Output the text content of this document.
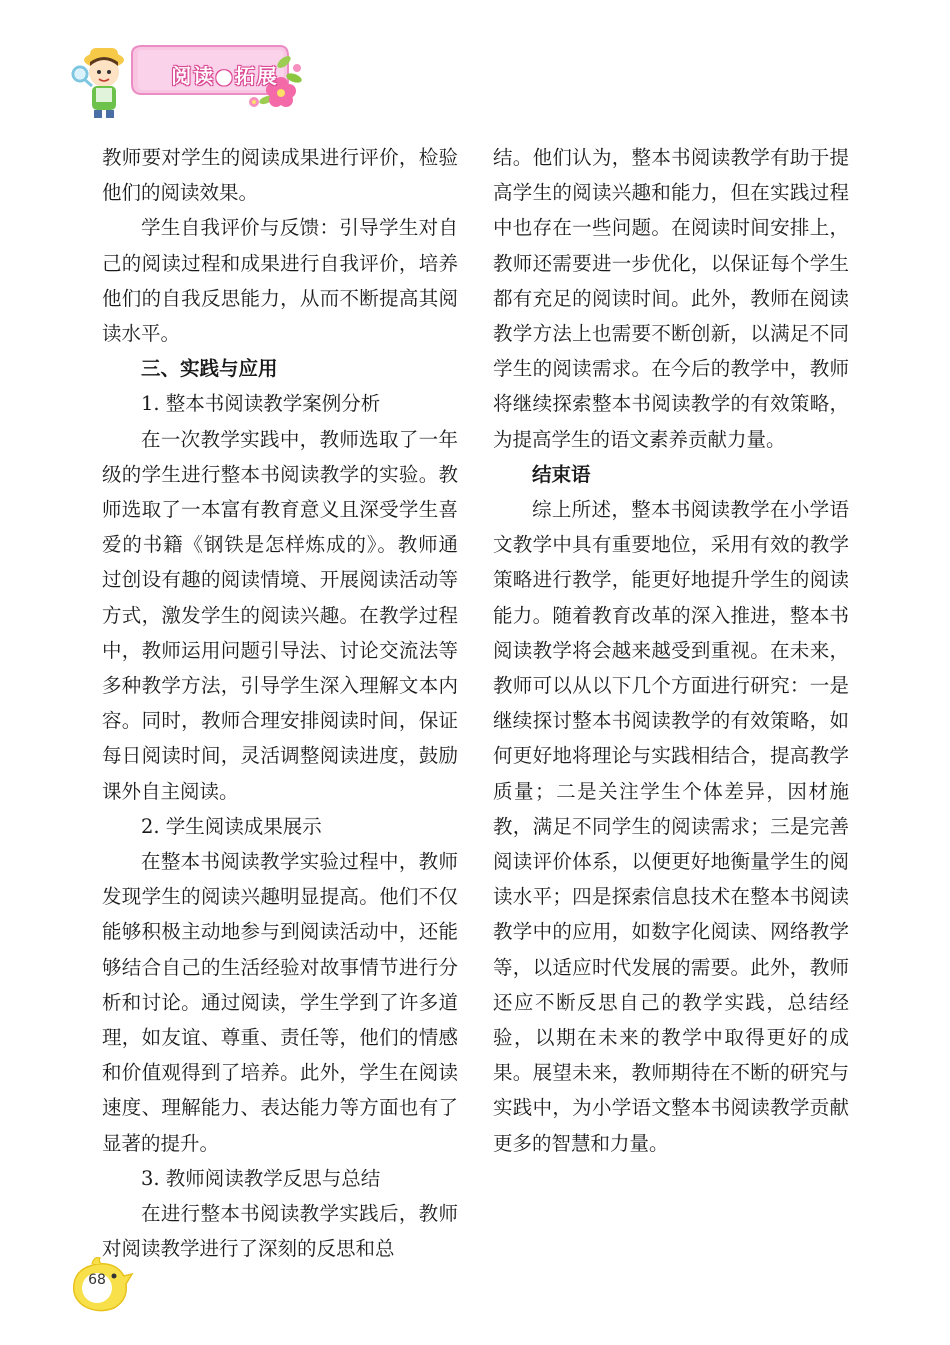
阅读●拓展

教师要对学生的阅读成果进行评价，检验他们的阅读效果。

学生自我评价与反馈：引导学生对自己的阅读过程和成果进行自我评价，培养他们的自我反思能力，从而不断提高其阅读水平。

三、实践与应用

1. 整本书阅读教学案例分析

在一次教学实践中，教师选取了一年级的学生进行整本书阅读教学的实验。教师选取了一本富有教育意义且深受学生喜爱的书籍《钢铁是怎样炼成的》。教师通过创设有趣的阅读情境、开展阅读活动等方式，激发学生的阅读兴趣。在教学过程中，教师运用问题引导法、讨论交流法等多种教学方法，引导学生深入理解文本内容。同时，教师合理安排阅读时间，保证每日阅读时间，灵活调整阅读进度，鼓励课外自主阅读。

2. 学生阅读成果展示

在整本书阅读教学实验过程中，教师发现学生的阅读兴趣明显提高。他们不仅能够积极主动地参与到阅读活动中，还能够结合自己的生活经验对故事情节进行分析和讨论。通过阅读，学生学到了许多道理，如友谊、尊重、责任等，他们的情感和价值观得到了培养。此外，学生在阅读速度、理解能力、表达能力等方面也有了显著的提升。

3. 教师阅读教学反思与总结

在进行整本书阅读教学实践后，教师对阅读教学进行了深刻的反思和总

结。他们认为，整本书阅读教学有助于提高学生的阅读兴趣和能力，但在实践过程中也存在一些问题。在阅读时间安排上，教师还需要进一步优化，以保证每个学生都有充足的阅读时间。此外，教师在阅读教学方法上也需要不断创新，以满足不同学生的阅读需求。在今后的教学中，教师将继续探索整本书阅读教学的有效策略，为提高学生的语文素养贡献力量。

结束语

综上所述，整本书阅读教学在小学语文教学中具有重要地位，采用有效的教学策略进行教学，能更好地提升学生的阅读能力。随着教育改革的深入推进，整本书阅读教学将会越来越受到重视。在未来，教师可以从以下几个方面进行研究：一是继续探讨整本书阅读教学的有效策略，如何更好地将理论与实践相结合，提高教学质量；二是关注学生个体差异，因材施教，满足不同学生的阅读需求；三是完善阅读评价体系，以便更好地衡量学生的阅读水平；四是探索信息技术在整本书阅读教学中的应用，如数字化阅读、网络教学等，以适应时代发展的需要。此外，教师还应不断反思自己的教学实践，总结经验，以期在未来的教学中取得更好的成果。展望未来，教师期待在不断的研究与实践中，为小学语文整本书阅读教学贡献更多的智慧和力量。

68
